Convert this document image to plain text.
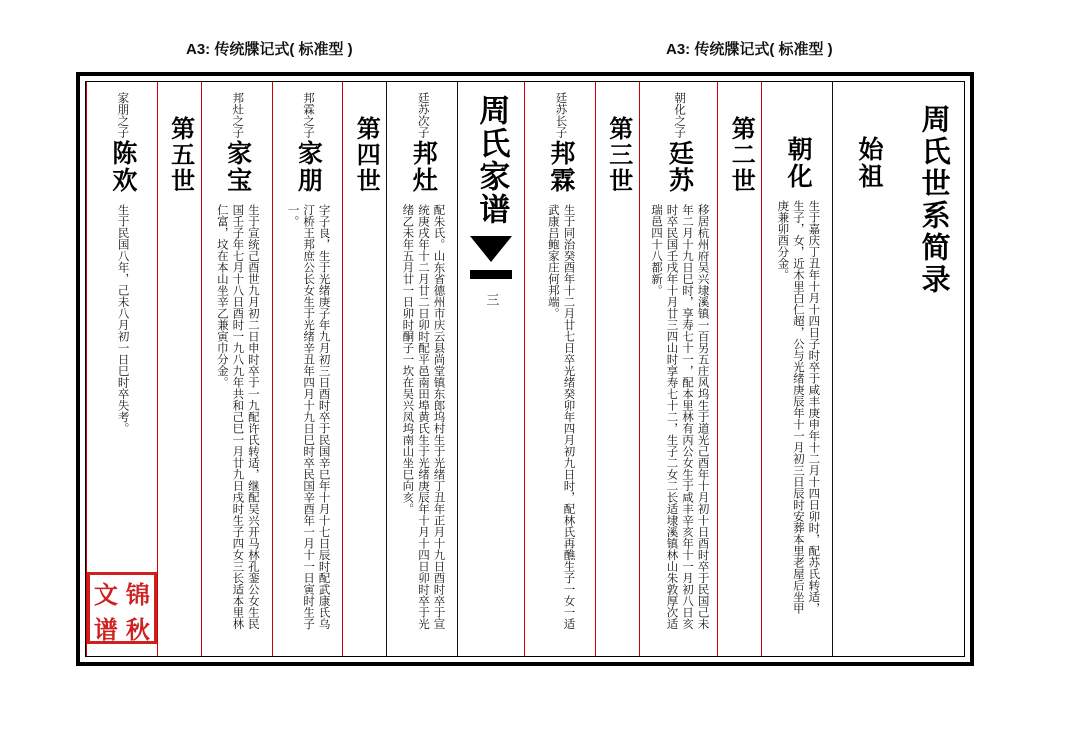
A3: 传统牒记式( 标准型 )	A3: 传统牒记式( 标准型 )
周氏世系简录
始祖
朝化
生于嘉庆丁丑年十月十四日子时卒于咸丰庚申年十二月十四日卯时，配苏氏转适，生子，女，近木里白仁超，公与光绪庚辰年十一月初三日辰时安葬本里老屋后坐甲庚兼卯酉分金。
第二世
朝化之子
廷苏
移居杭州府吴兴埭溪镇一百另五庄风坞生于道光己酉年十月初十日酉时卒于民国己未年二月十九日巳时，享寿七十一，配本里林有丙公女生于咸丰辛亥年十一月初八日亥时卒民国壬戌年十月廿三四山时享寿七十二，生子二女二长适埭溪镇林山朱敦厚次适瑞邑四十八都新。
第三世
廷苏长子
邦霖
生于同治癸酉年十二月廿七日卒光绪癸卯年四月初九日时，配林氏再醮生子一女一适武康吕鲍家庄何邦端。
周氏家谱
三
廷苏次子
邦灶
配朱氏。山东省德州市庆云县尚堂镇东郎坞村生于光绪丁丑年正月十九日酉时卒于宣统庚戌年十二月廿二日卯时配平邑南田埠黄氏生于光绪庚辰年十月十四日卯时卒于光绪乙未年五月廿一日卯时酮子一坎在吴兴凤坞南山坐巳向亥。
第四世
邦霖之子
家朋
字子良，生于光绪庚子年九月初三日酉时卒于民国辛巳年十月十七日辰时配武康氏乌汀桥王邦庶公长女生于光绪辛丑年四月十九日巳时卒民国辛酉年一月十一日寅时生子一。
邦灶之子
家宝
生于宣统己酉世九月初二日申时卒于一九配许氏转适，继配吴兴开马林孔銮公女生民国壬子年七月十八日酉时一九八九年共和己巳一月廿九日戌时生子四女三长适本里林仁富，坟在本山坐辛乙兼寅巾分金。
第五世
家朋之子
陈欢
生于民国八年，己未八月初一日巳时卒失考。
锦
文
秋
谱
